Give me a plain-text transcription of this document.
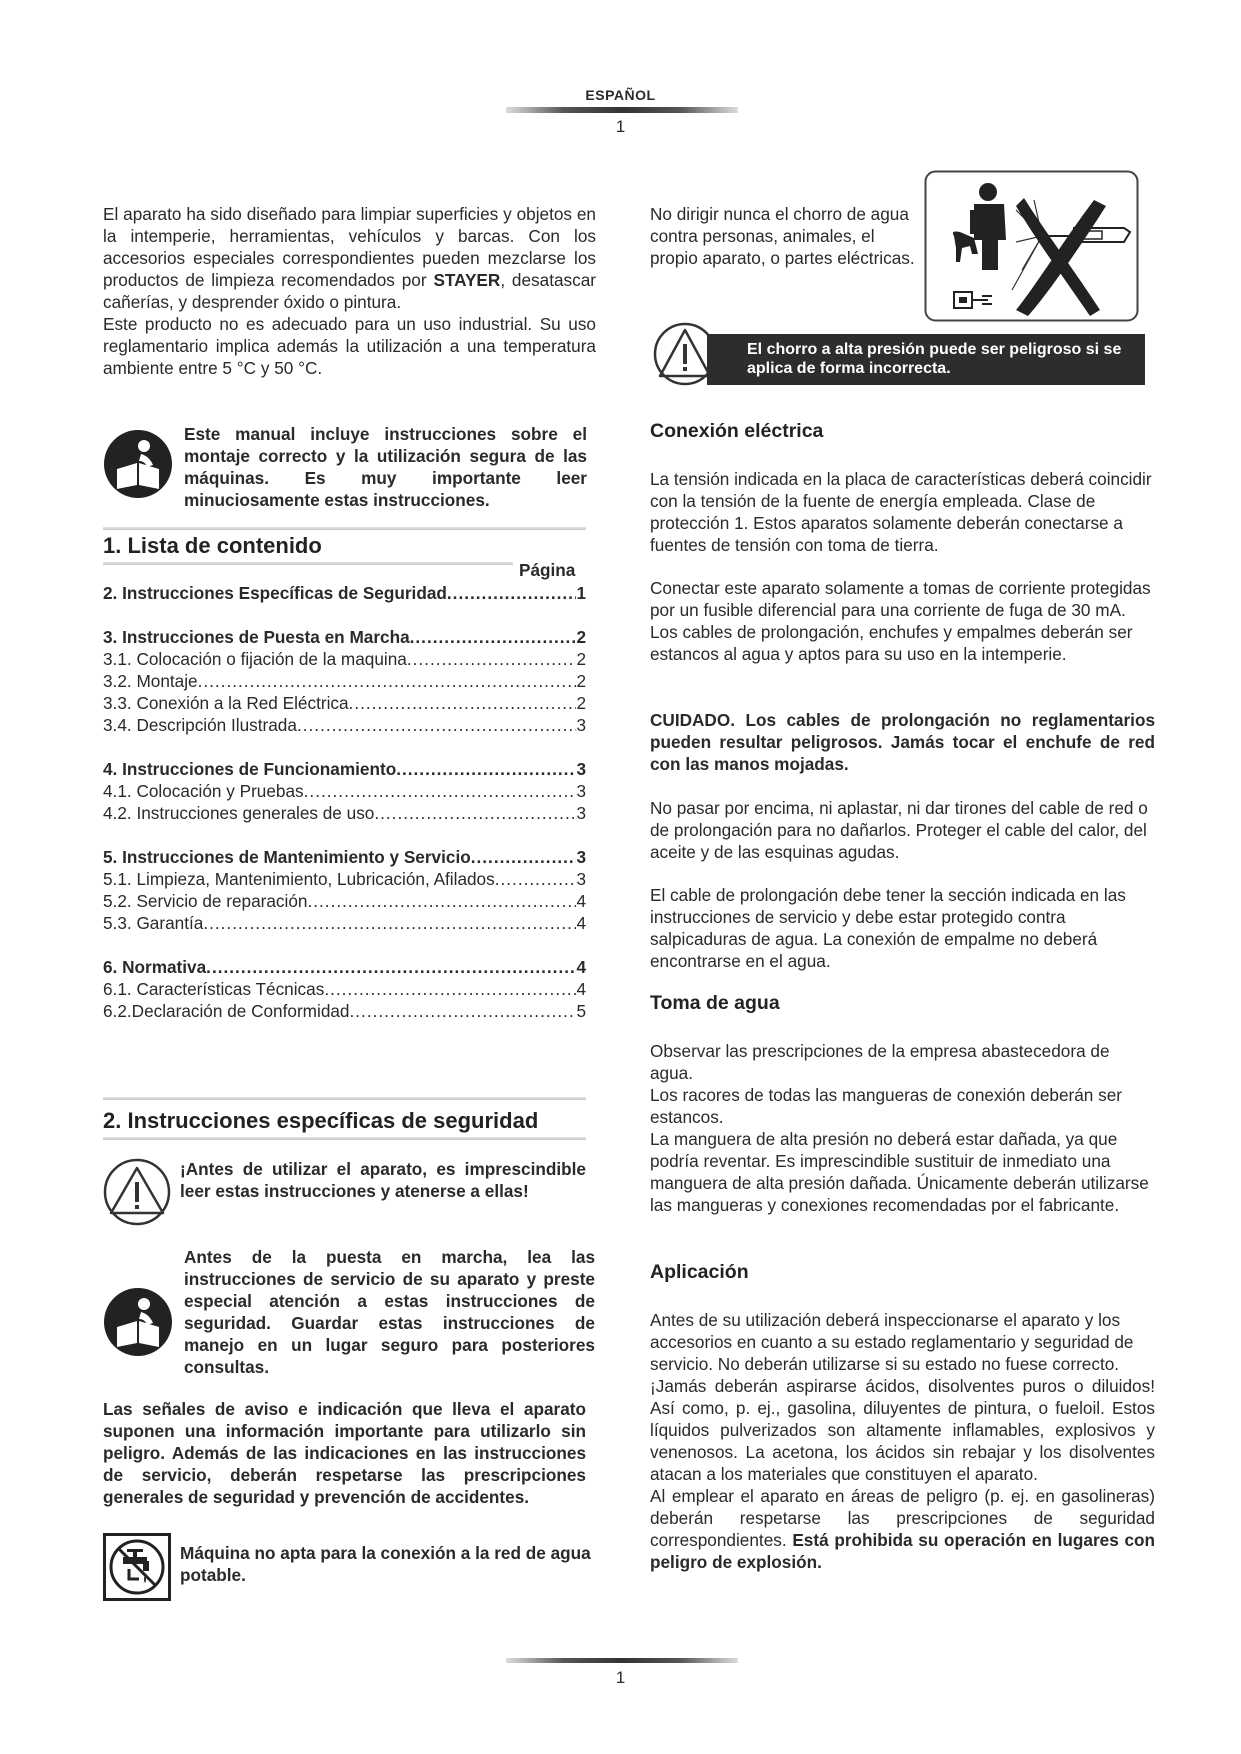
ESPAÑOL
1

El aparato ha sido diseñado para limpiar superficies y objetos en la intemperie, herramientas, vehículos y barcas. Con los accesorios especiales correspondientes pueden mezclarse los productos de limpieza recomendados por STAYER, desatascar cañerías, y desprender óxido o pintura.

Este producto no es adecuado para un uso industrial. Su uso reglamentario implica además la utilización a una temperatura ambiente entre 5 °C y 50 °C.

Este manual incluye instrucciones sobre el montaje correcto y la utilización segura de las máquinas. Es muy importante leer minuciosamente estas instrucciones.
1. Lista de contenido
Página
2. Instrucciones Específicas de Seguridad .....	1
3. Instrucciones de Puesta en Marcha .....	2
3.1. Colocación o fijación de la maquina .....	2
3.2. Montaje .....	2
3.3. Conexión a la Red Eléctrica .....	2
3.4. Descripción Ilustrada .....	3
4. Instrucciones de Funcionamiento .....	3
4.1. Colocación y Pruebas .....	3
4.2. Instrucciones generales de uso .....	3
5. Instrucciones de Mantenimiento y Servicio .....	3
5.1. Limpieza, Mantenimiento, Lubricación, Afilados .....	3
5.2. Servicio de reparación .....	4
5.3. Garantía .....	4
6. Normativa .....	4
6.1. Características Técnicas .....	4
6.2.Declaración de Conformidad .....	5
2. Instrucciones específicas de seguridad
¡Antes de utilizar el aparato, es imprescindible leer estas instrucciones y atenerse a ellas!
Antes de la puesta en marcha, lea las instrucciones de servicio de su aparato y preste especial atención a estas instrucciones de seguridad. Guardar estas instrucciones de manejo en un lugar seguro para posteriores consultas.
Las señales de aviso e indicación que lleva el aparato suponen una información importante para utilizarlo sin peligro. Además de las indicaciones en las instrucciones de servicio, deberán respetarse las prescripciones generales de seguridad y prevención de accidentes.
Máquina no apta para la conexión a la red de agua potable.
No dirigir nunca el chorro de agua contra personas, animales, el propio aparato, o partes eléctricas.
El chorro a alta presión puede ser peligroso si se aplica de forma incorrecta.
Conexión eléctrica
La tensión indicada en la placa de características deberá coincidir con la tensión de la fuente de energía empleada. Clase de protección 1. Estos aparatos solamente deberán conectarse a fuentes de tensión con toma de tierra.
Conectar este aparato solamente a tomas de corriente protegidas por un fusible diferencial para una corriente de fuga de 30 mA. Los cables de prolongación, enchufes y empalmes deberán ser estancos al agua y aptos para su uso en la intemperie.
CUIDADO. Los cables de prolongación no reglamentarios pueden resultar peligrosos. Jamás tocar el enchufe de red con las manos mojadas.
No pasar por encima, ni aplastar, ni dar tirones del cable de red o de prolongación para no dañarlos. Proteger el cable del calor, del aceite y de las esquinas agudas.
El cable de prolongación debe tener la sección indicada en las instrucciones de servicio y debe estar protegido contra salpicaduras de agua. La conexión de empalme no deberá encontrarse en el agua.
Toma de agua
Observar las prescripciones de la empresa abastecedora de agua.
Los racores de todas las mangueras de conexión deberán ser estancos.
La manguera de alta presión no deberá estar dañada, ya que podría reventar. Es imprescindible sustituir de inmediato una manguera de alta presión dañada. Únicamente deberán utilizarse las mangueras y conexiones recomendadas por el fabricante.
Aplicación

Antes de su utilización deberá inspeccionarse el aparato y los accesorios en cuanto a su estado reglamentario y seguridad de servicio. No deberán utilizarse si su estado no fuese correcto.

¡Jamás deberán aspirarse ácidos, disolventes puros o diluidos! Así como, p. ej., gasolina, diluyentes de pintura, o fueloil. Estos líquidos pulverizados son altamente inflamables, explosivos y venenosos. La acetona, los ácidos sin rebajar y los disolventes atacan a los materiales que constituyen el aparato.

Al emplear el aparato en áreas de peligro (p. ej. en gasolineras) deberán respetarse las prescripciones de seguridad correspondientes. Está prohibida su operación en lugares con peligro de explosión.

1
